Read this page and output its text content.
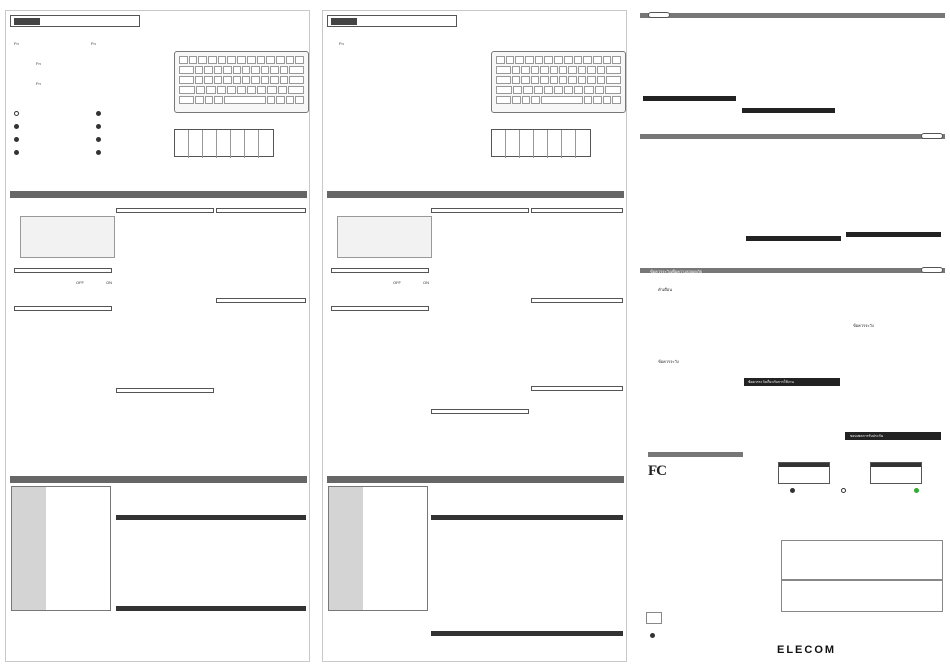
Fn
Fn
Fn
Fn
OFF	ON
Fn
OFF	ON
ข้อควรระวังเพื่อความปลอดภัย
คำเตือน
ข้อควรระวัง
ข้อควรระวังเกี่ยวกับการใช้งาน
ข้อควรระวัง
ขอบเขตการรับประกัน
FC
ELECOM
